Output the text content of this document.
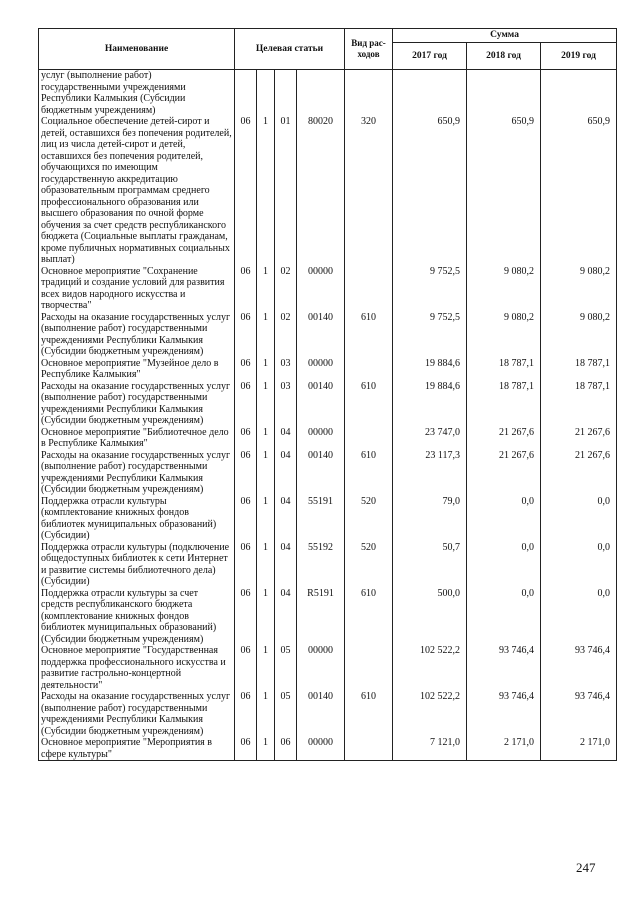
Наименование	Целевая статьи				Вид рас-ходов	Сумма		
						2017 год	2018 год	2019 год
услуг (выполнение работ) государственными учреждениями Республики Калмыкия (Субсидии бюджетным учреждениям)								
Социальное обеспечение детей-сирот и детей, оставшихся без попечения родителей, лиц из числа детей-сирот и детей, оставшихся без попечения родителей, обучающихся по имеющим государственную аккредитацию образовательным программам среднего профессионального образования или высшего образования по очной форме обучения за счет средств республиканского бюджета (Социальные выплаты гражданам, кроме публичных нормативных социальных выплат)	06	1	01	80020	320	650,9	650,9	650,9
Основное мероприятие "Сохранение традиций и создание условий для развития всех видов народного искусства и творчества"	06	1	02	00000		9 752,5	9 080,2	9 080,2
Расходы на оказание государственных услуг (выполнение работ) государственными учреждениями Республики Калмыкия (Субсидии бюджетным учреждениям)	06	1	02	00140	610	9 752,5	9 080,2	9 080,2
Основное мероприятие "Музейное дело в Республике Калмыкия"	06	1	03	00000		19 884,6	18 787,1	18 787,1
Расходы на оказание государственных услуг (выполнение работ) государственными учреждениями Республики Калмыкия (Субсидии бюджетным учреждениям)	06	1	03	00140	610	19 884,6	18 787,1	18 787,1
Основное мероприятие "Библиотечное дело в Республике Калмыкия"	06	1	04	00000		23 747,0	21 267,6	21 267,6
Расходы на оказание государственных услуг (выполнение работ) государственными учреждениями Республики Калмыкия (Субсидии бюджетным учреждениям)	06	1	04	00140	610	23 117,3	21 267,6	21 267,6
Поддержка отрасли культуры (комплектование книжных фондов библиотек муниципальных образований) (Субсидии)	06	1	04	55191	520	79,0	0,0	0,0
Поддержка отрасли культуры (подключение общедоступных библиотек к сети Интернет и развитие системы библиотечного дела) (Субсидии)	06	1	04	55192	520	50,7	0,0	0,0
Поддержка отрасли культуры за счет средств республиканского бюджета (комплектование книжных фондов библиотек муниципальных образований) (Субсидии бюджетным учреждениям)	06	1	04	R5191	610	500,0	0,0	0,0
Основное мероприятие "Государственная поддержка профессионального искусства и развитие гастрольно-концертной деятельности"	06	1	05	00000		102 522,2	93 746,4	93 746,4
Расходы на оказание государственных услуг (выполнение работ) государственными учреждениями Республики Калмыкия (Субсидии бюджетным учреждениям)	06	1	05	00140	610	102 522,2	93 746,4	93 746,4
Основное мероприятие "Мероприятия в сфере культуры"	06	1	06	00000		7 121,0	2 171,0	2 171,0
247
